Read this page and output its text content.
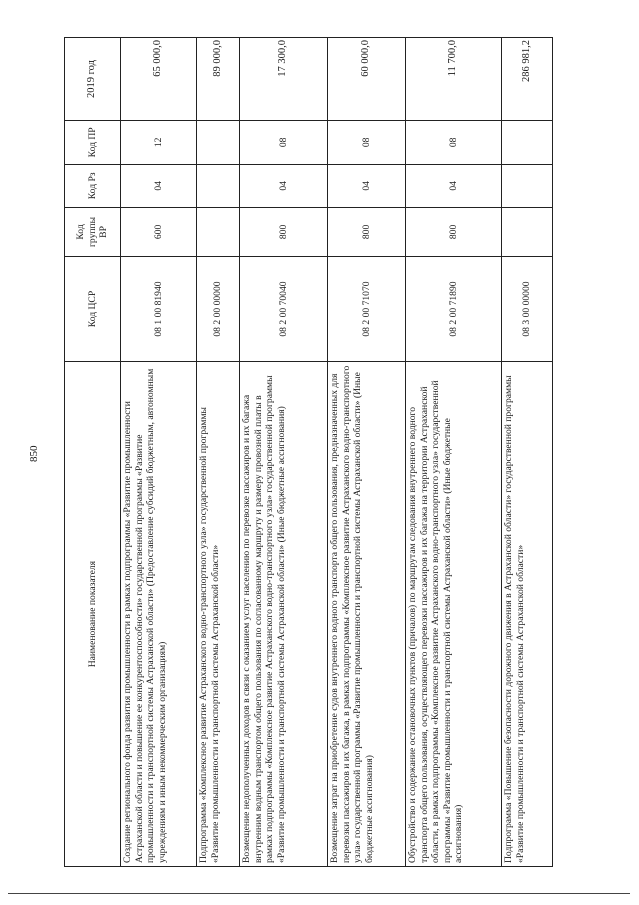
850
Наименование показателя	Код ЦСР	Код группы ВР	Код Рз	Код ПР	2019 год
Создание регионального фонда развития промышленности в рамках подпрограммы «Развитие промышленности Астраханской области и повышение ее конкурентоспособности» государственной программы «Развитие промышленности и транспортной системы Астраханской области» (Предоставление субсидий бюджетным, автономным учреждениям и иным некоммерческим организациям)	08 1 00 81940	600	04	12	65 000,0
Подпрограмма «Комплексное развитие Астраханского водно-транспортного узла» государственной программы «Развитие промышленности и транспортной системы Астраханской области»	08 2 00 00000				89 000,0
Возмещение недополученных доходов в связи с оказанием услуг населению по перевозке пассажиров и их багажа внутренним водным транспортом общего пользования по согласованному маршруту и размеру провозной платы в рамках подпрограммы «Комплексное развитие Астраханского водно-транспортного узла» государственной программы «Развитие промышленности и транспортной системы Астраханской области» (Иные бюджетные ассигнования)	08 2 00 70040	800	04	08	17 300,0
Возмещение затрат на приобретение судов внутреннего водного транспорта общего пользования, предназначенных для перевозки пассажиров и их багажа, в рамках подпрограммы «Комплексное развитие Астраханского водно-транспортного узла» государственной программы «Развитие промышленности и транспортной системы Астраханской области» (Иные бюджетные ассигнования)	08 2 00 71070	800	04	08	60 000,0
Обустройство и содержание остановочных пунктов (причалов) по маршрутам следования внутреннего водного транспорта общего пользования, осуществляющего перевозки пассажиров и их багажа на территории Астраханской области, в рамках подпрограммы «Комплексное развитие Астраханского водно-транспортного узла» государственной программы «Развитие промышленности и транспортной системы Астраханской области» (Иные бюджетные ассигнования)	08 2 00 71890	800	04	08	11 700,0
Подпрограмма «Повышение безопасности дорожного движения в Астраханской области» государственной программы «Развитие промышленности и транспортной системы Астраханской области»	08 3 00 00000				286 981,2
